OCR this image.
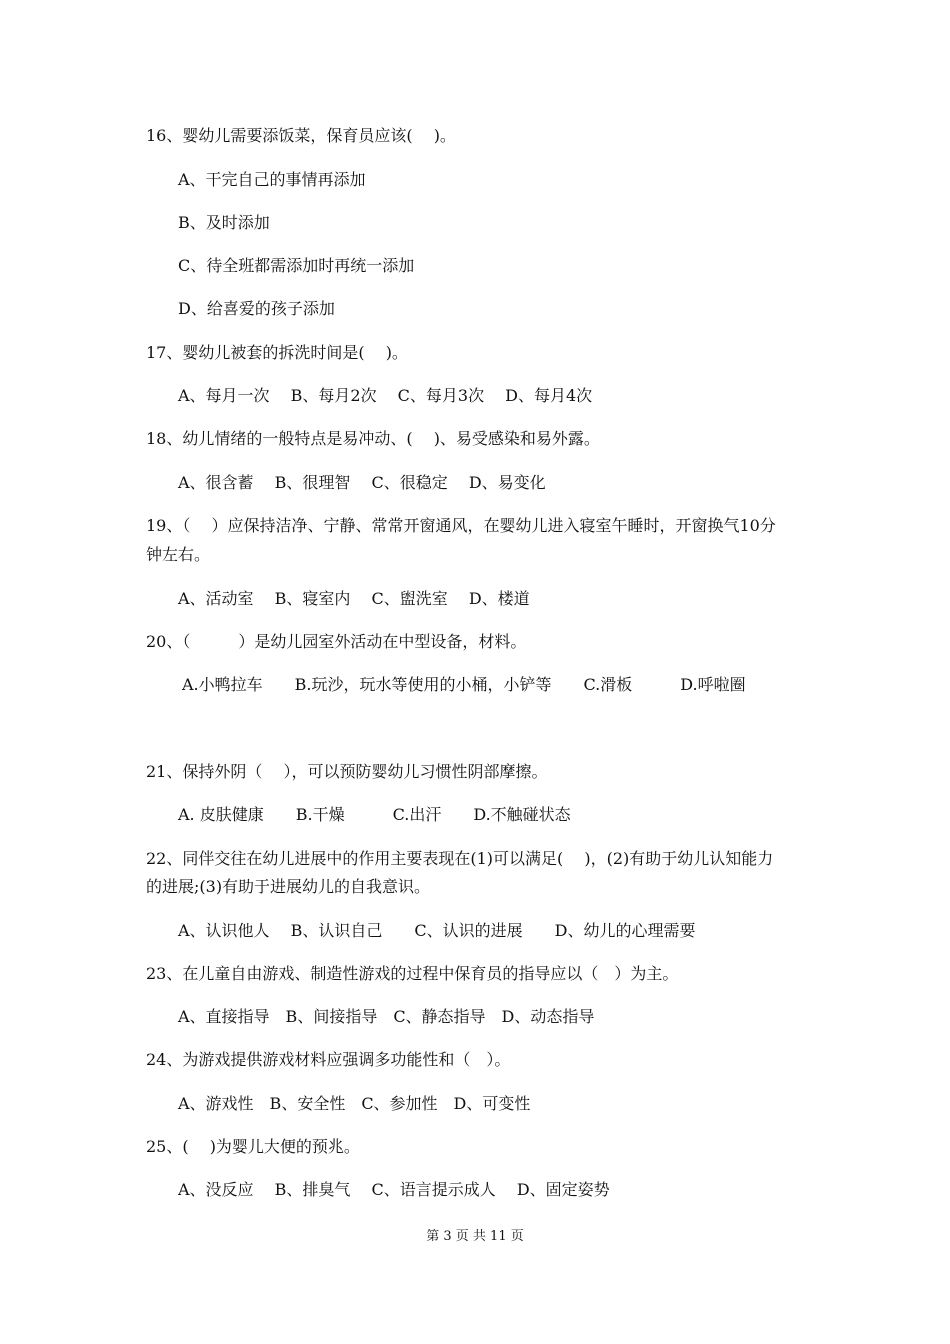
16、婴幼儿需要添饭菜，保育员应该(　 )。
A、干完自己的事情再添加
B、及时添加
C、待全班都需添加时再统一添加
D、给喜爱的孩子添加
17、婴幼儿被套的拆洗时间是(　 )。
A、每月一次　 B、每月2次　 C、每月3次　 D、每月4次
18、幼儿情绪的一般特点是易冲动、(　 )、易受感染和易外露。
A、很含蓄　 B、很理智　 C、很稳定　 D、易变化
19、（　 ）应保持洁净、宁静、常常开窗通风，在婴幼儿进入寝室午睡时，开窗换气10分
钟左右。
A、活动室　 B、寝室内　 C、盥洗室　 D、楼道
20、（　　　）是幼儿园室外活动在中型设备，材料。
A.小鸭拉车　　B.玩沙，玩水等使用的小桶，小铲等　　C.滑板　　　D.呼啦圈
21、保持外阴（　 ），可以预防婴幼儿习惯性阴部摩擦。
A. 皮肤健康　　B.干燥　　　C.出汗　　D.不触碰状态
22、同伴交往在幼儿进展中的作用主要表现在(1)可以满足(　 )，(2)有助于幼儿认知能力
的进展;(3)有助于进展幼儿的自我意识。
A、认识他人　 B、认识自己　　C、认识的进展　　D、幼儿的心理需要
23、在儿童自由游戏、制造性游戏的过程中保育员的指导应以（　）为主。
A、直接指导　B、间接指导　C、静态指导　D、动态指导
24、为游戏提供游戏材料应强调多功能性和（　）。
A、游戏性　B、安全性　C、参加性　D、可变性
25、(　 )为婴儿大便的预兆。
A、没反应　 B、排臭气　 C、语言提示成人　 D、固定姿势
第 3 页 共 11 页
